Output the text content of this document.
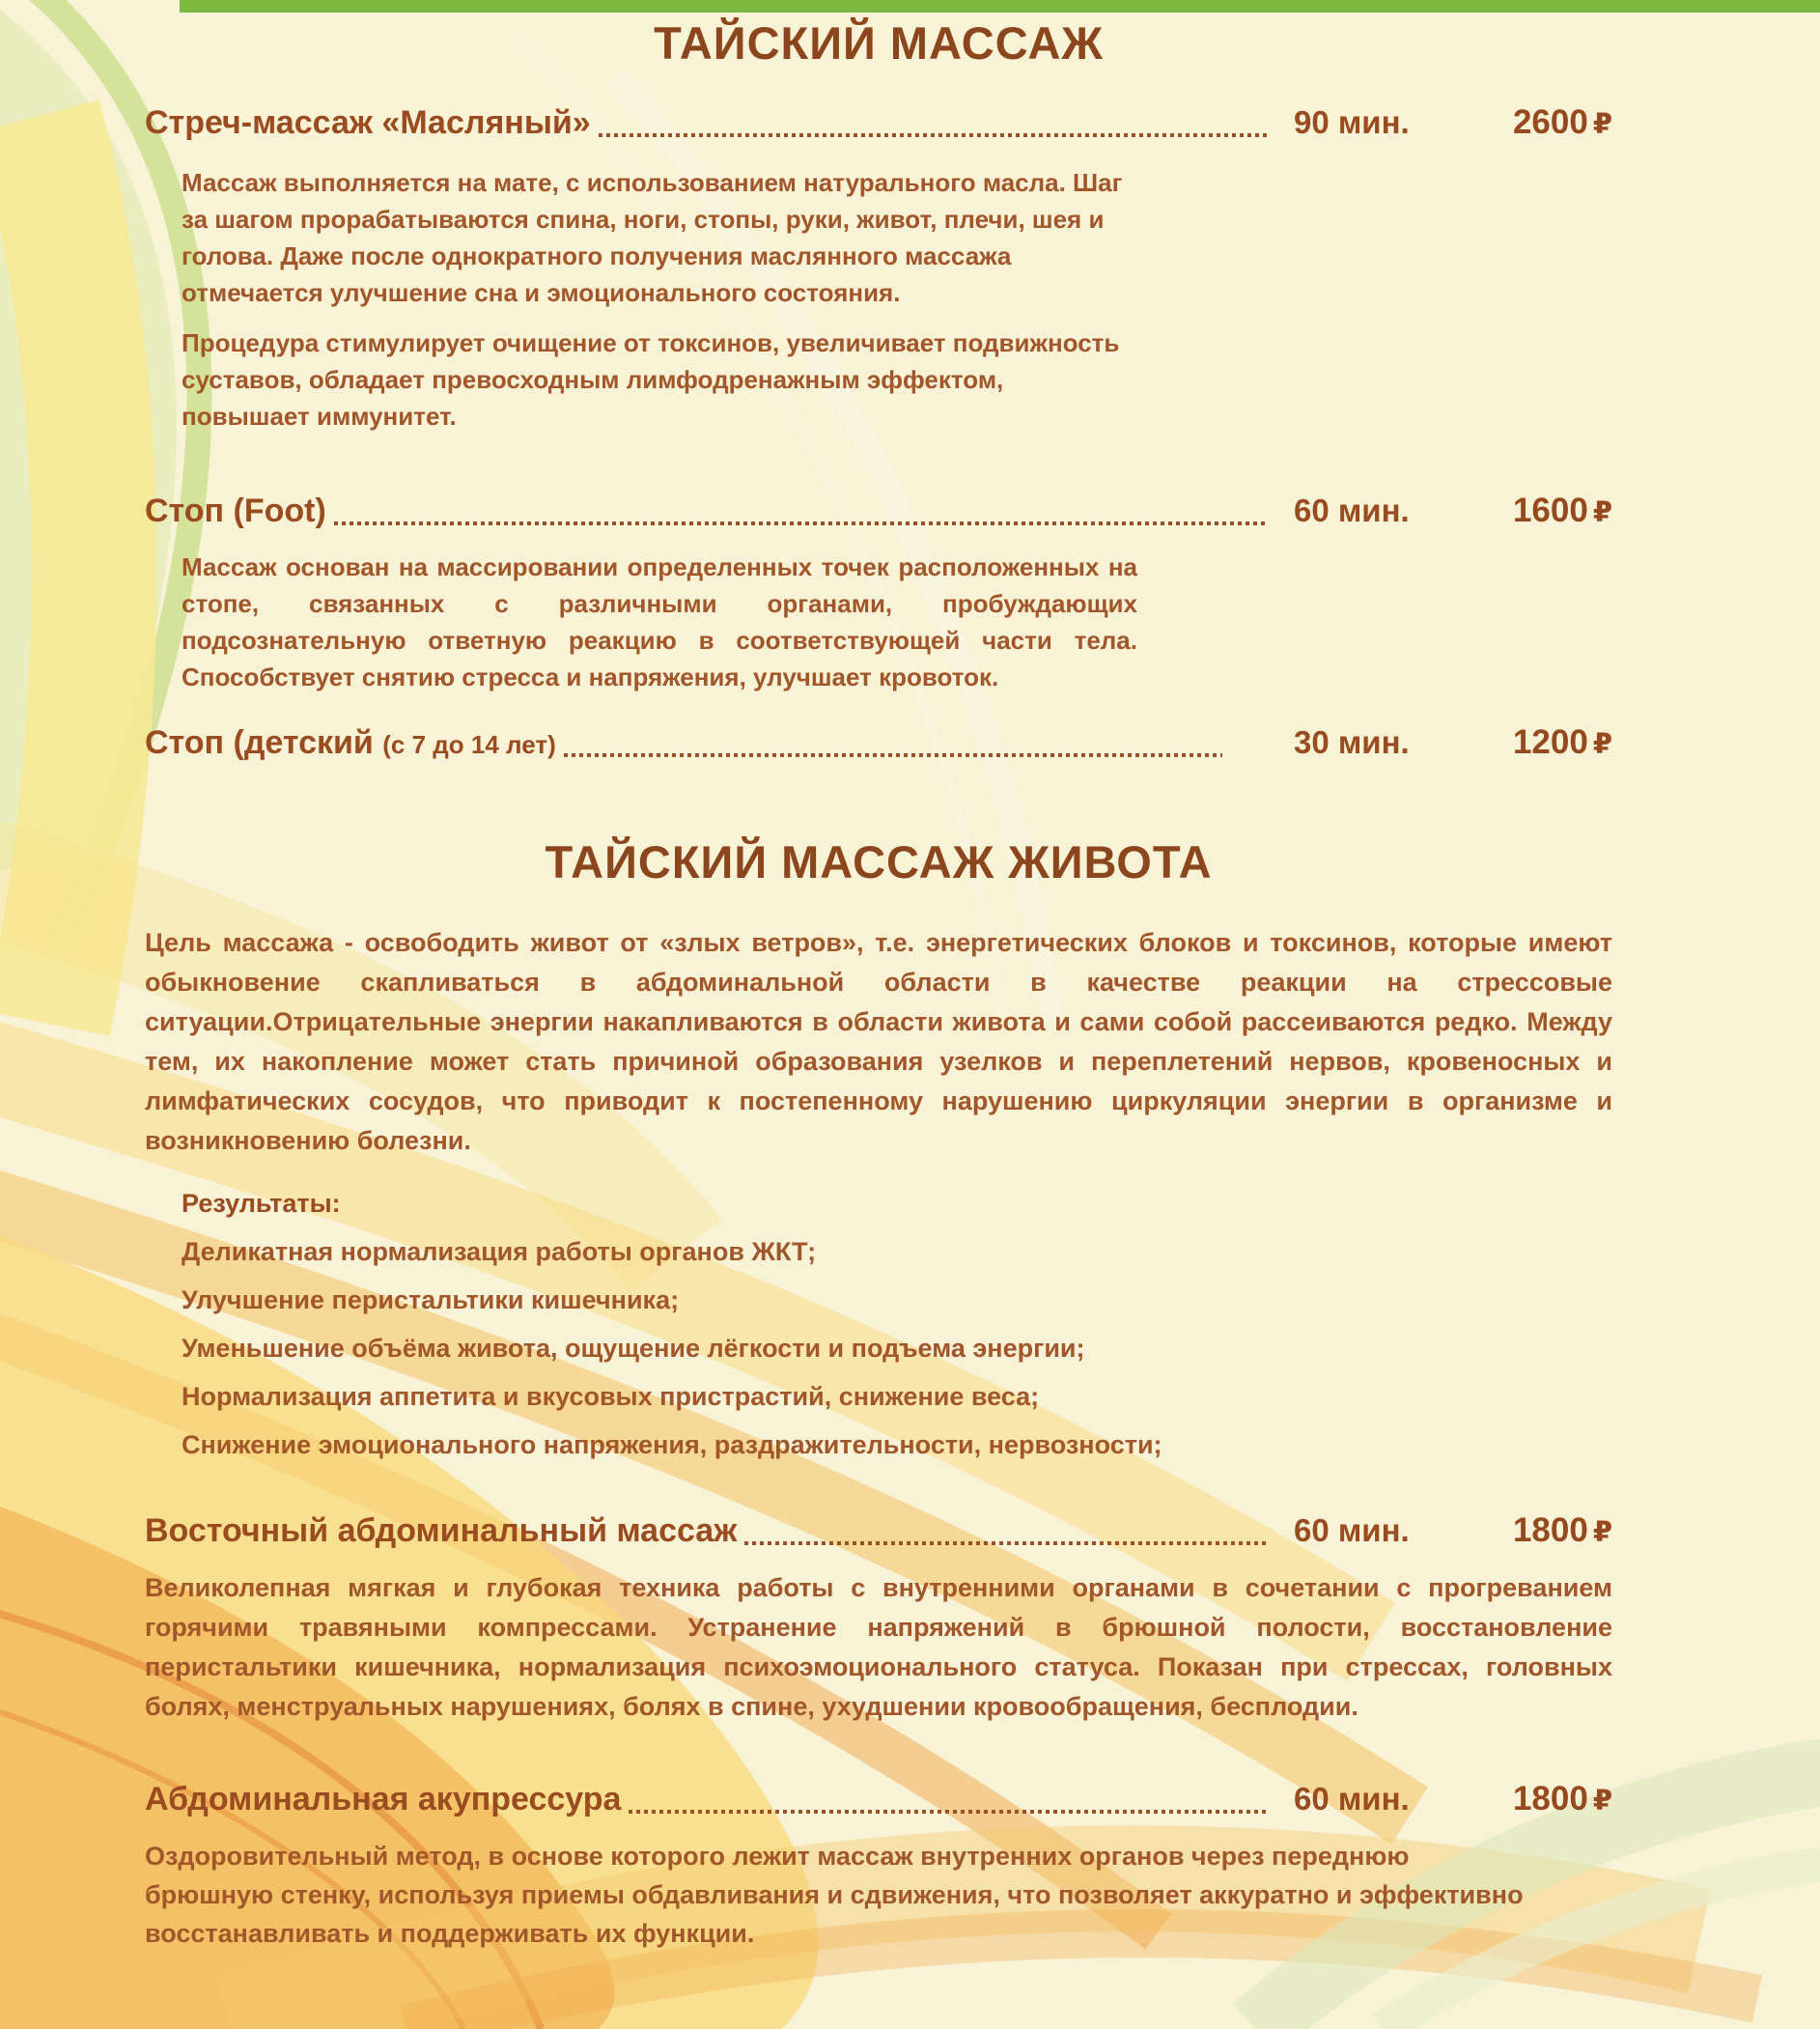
ТАЙСКИЙ МАССАЖ
Стреч-массаж «Масляный»	90 мин.	2600 ₽

Массаж выполняется на мате, с использованием натурального масла. Шаг за шагом прорабатываются спина, ноги, стопы, руки, живот, плечи, шея и голова. Даже после однократного получения маслянного массажа отмечается улучшение сна и эмоционального состояния.

Процедура стимулирует очищение от токсинов, увеличивает подвижность суставов, обладает превосходным лимфодренажным эффектом, повышает иммунитет.

Стоп (Foot)	60 мин.	1600 ₽

Массаж основан на массировании определенных точек расположенных на стопе, связанных с различными органами, пробуждающих подсознательную ответную реакцию в соответствующей части тела. Способствует снятию стресса и напряжения, улучшает кровоток.

Стоп (детский (с 7 до 14 лет)	30 мин.	1200 ₽
ТАЙСКИЙ МАССАЖ ЖИВОТА
Цель массажа - освободить живот от «злых ветров», т.е. энергетических блоков и токсинов, которые имеют обыкновение скапливаться в абдоминальной области в качестве реакции на стрессовые ситуации.Отрицательные энергии накапливаются в области живота и сами собой рассеиваются редко. Между тем, их накопление может стать причиной образования узелков и переплетений нервов, кровеносных и лимфатических сосудов, что приводит к постепенному нарушению циркуляции энергии в организме и возникновению болезни.
Результаты:
Деликатная нормализация работы органов ЖКТ;
Улучшение перистальтики кишечника;
Уменьшение объёма живота, ощущение лёгкости и подъема энергии;
Нормализация аппетита и вкусовых пристрастий, снижение веса;
Снижение эмоционального напряжения, раздражительности, нервозности;
Восточный абдоминальный массаж	60 мин.	1800 ₽

Великолепная мягкая и глубокая техника работы с внутренними органами в сочетании с прогреванием горячими травяными компрессами. Устранение напряжений в брюшной полости, восстановление перистальтики кишечника, нормализация психоэмоционального статуса. Показан при стрессах, головных болях, менструальных нарушениях, болях в спине, ухудшении кровообращения, бесплодии.

Абдоминальная акупрессура	60 мин.	1800 ₽

Оздоровительный метод, в основе которого лежит массаж внутренних органов через переднюю брюшную стенку, используя приемы обдавливания и сдвижения, что позволяет аккуратно и эффективно восстанавливать и поддерживать их функции.
